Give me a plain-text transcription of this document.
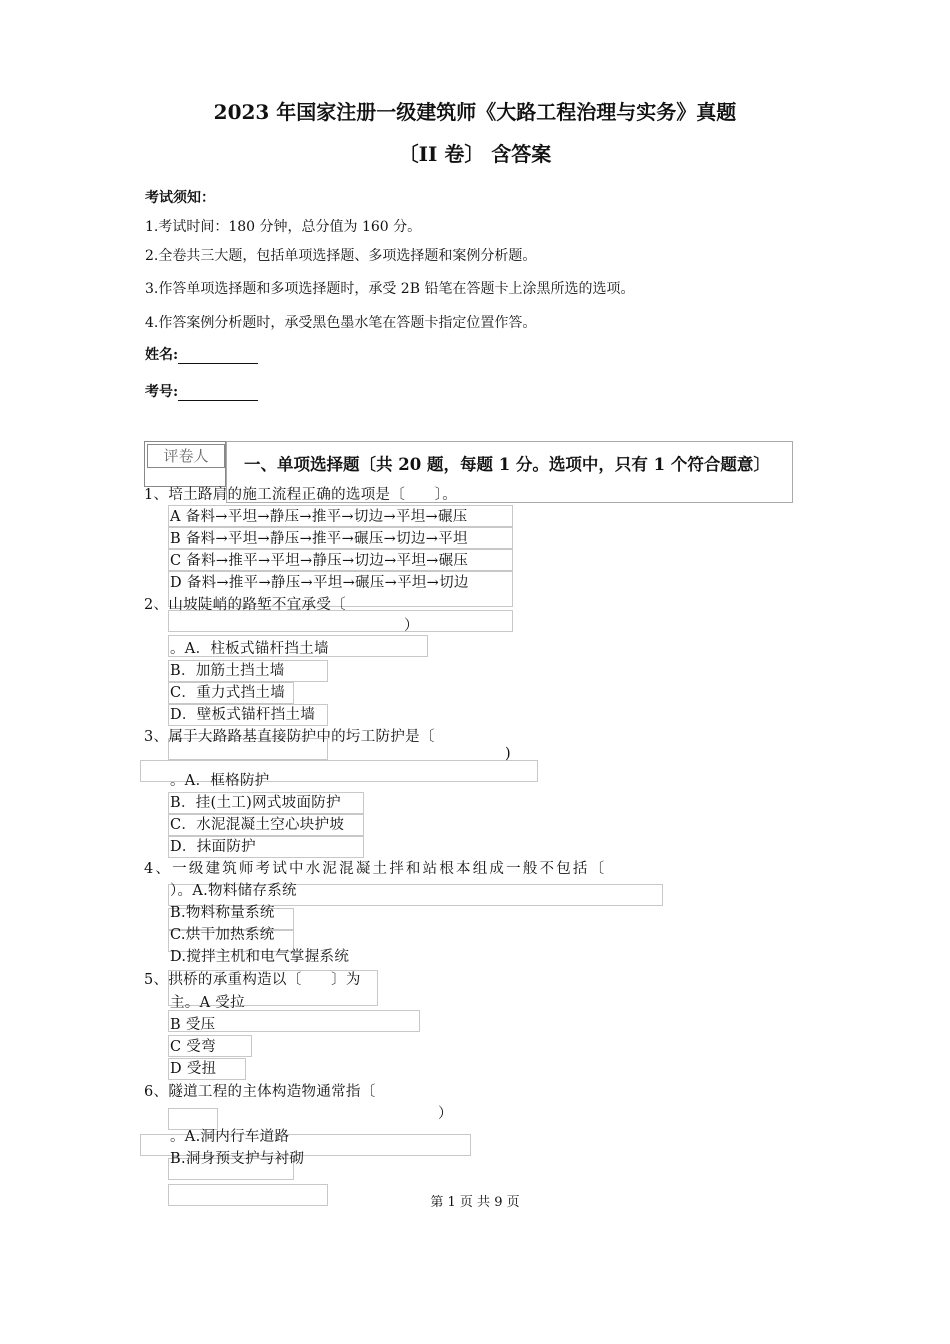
2023 年国家注册一级建筑师《大路工程治理与实务》真题
〔II 卷〕 含答案
考试须知：
1.考试时间：180 分钟，总分值为 160 分。
2.全卷共三大题，包括单项选择题、多项选择题和案例分析题。
3.作答单项选择题和多项选择题时，承受 2B 铅笔在答题卡上涂黑所选的选项。
4.作答案例分析题时，承受黑色墨水笔在答题卡指定位置作答。
姓名:
考号:
评卷人	一、单项选择题〔共 20 题，每题 1 分。选项中，只有 1 个符合题意〕
1、培土路肩的施工流程正确的选项是〔　　〕。
A 备料→平坦→静压→推平→切边→平坦→碾压
B 备料→平坦→静压→推平→碾压→切边→平坦
C 备料→推平→平坦→静压→切边→平坦→碾压
D 备料→推平→静压→平坦→碾压→平坦→切边
2、山坡陡峭的路堑不宜承受〔
）
。A．柱板式锚杆挡土墙
B．加筋土挡土墙
C．重力式挡土墙
D．壁板式锚杆挡土墙
3、属于大路路基直接防护中的圬工防护是〔
)
。A．框格防护
B．挂(土工)网式坡面防护
C．水泥混凝土空心块护坡
D．抹面防护
4、一级建筑师考试中水泥混凝土拌和站根本组成一般不包括〔
）。A.物料储存系统
B.物料称量系统
C.烘干加热系统
D.搅拌主机和电气掌握系统
5、拱桥的承重构造以〔　　〕为
主。A 受拉
B 受压
C 受弯
D 受扭
6、隧道工程的主体构造物通常指〔
）
。A.洞内行车道路
B.洞身预支护与衬砌
第 1 页 共 9 页
